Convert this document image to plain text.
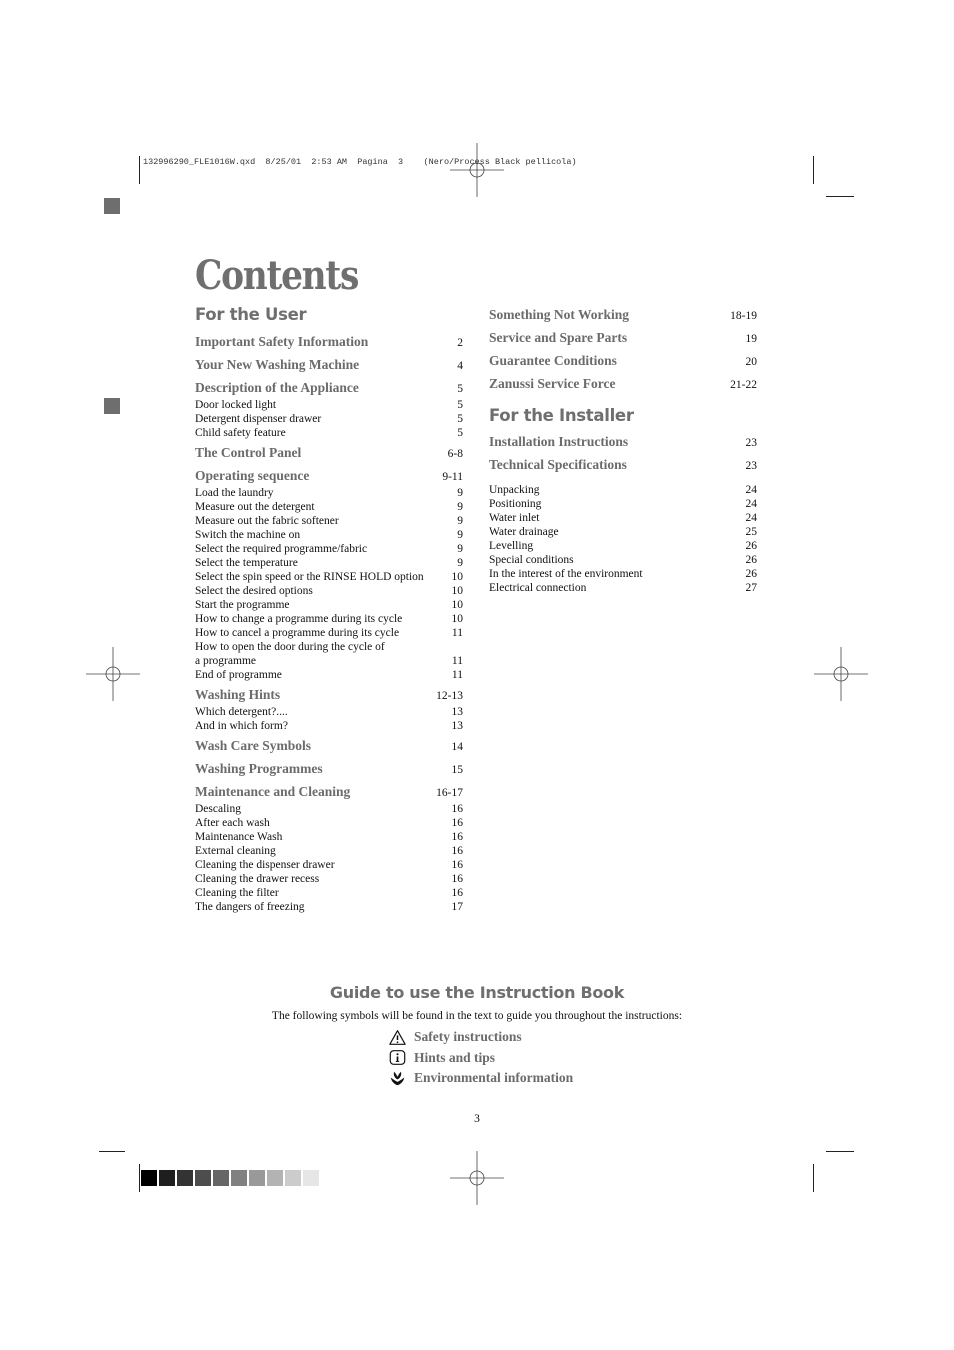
132996290_FLE1016W.qxd  8/25/01  2:53 AM  Pagina  3    (Nero/Process Black pellicola)
Contents
For the User
Important Safety Information	2
Your New Washing Machine	4
Description of the Appliance	5
Door locked light	5
Detergent dispenser drawer	5
Child safety feature	5
The Control Panel	6-8
Operating sequence	9-11
Load the laundry	9
Measure out the detergent	9
Measure out the fabric softener	9
Switch the machine on	9
Select the required programme/fabric	9
Select the temperature	9
Select the spin speed or the RINSE HOLD option	10
Select the desired options	10
Start the programme	10
How to change a programme during its cycle	10
How to cancel a programme during its cycle	11
How to open the door during the cycle of
a programme	11
End of programme	11
Washing Hints	12-13
Which detergent?....	13
And in which form?	13
Wash Care Symbols	14
Washing Programmes	15
Maintenance and Cleaning	16-17
Descaling	16
After each wash	16
Maintenance Wash	16
External cleaning	16
Cleaning the dispenser drawer	16
Cleaning the drawer recess	16
Cleaning the filter	16
The dangers of freezing	17
Something Not Working	18-19
Service and Spare Parts	19
Guarantee Conditions	20
Zanussi Service Force	21-22
For the Installer
Installation Instructions	23
Technical Specifications	23
Unpacking	24
Positioning	24
Water inlet	24
Water drainage	25
Levelling	26
Special conditions	26
In the interest of the environment	26
Electrical connection	27
Guide to use the Instruction Book
The following symbols will be found in the text to guide you throughout the instructions:
Safety instructions
Hints and tips
Environmental information
3
